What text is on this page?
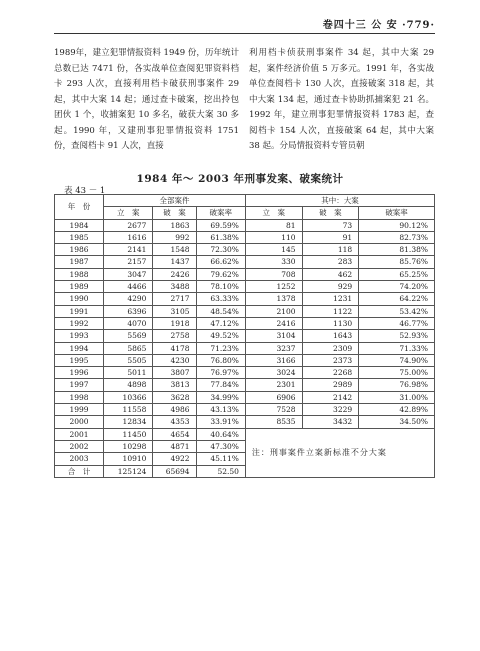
卷四十三 公 安 ·779·
1989年，建立犯罪情报资料 1949 份，历年统计总数已达 7471 份，各实战单位查阅犯罪资料档卡 293 人次，直接利用档卡破获刑事案件 29 起，其中大案 14 起；通过查卡破案，挖出拎包团伙 1 个，收捕案犯 10 多名，破获大案 30 多起。1990 年，又建刑事犯罪情报资料 1751 份，查阅档卡 91 人次，直接
利用档卡侦获刑事案件 34 起，其中大案 29 起，案件经济价值 5 万多元。1991 年，各实战单位查阅档卡 130 人次，直接破案 318 起，其中大案 134 起，通过查卡协助抓捕案犯 21 名。1992 年，建立刑事犯罪情报资料 1783 起，查阅档卡 154 人次，直接破案 64 起，其中大案 38 起。分局情报资料专管员朝
1984 年～ 2003 年刑事发案、破案统计
表 43 － 1
年　份	全部案件			其中：大案		
	立　案	破　案	破案率	立　案	破　案	破案率
1984	2677	1863	69.59%	81	73	90.12%
1985	1616	992	61.38%	110	91	82.73%
1986	2141	1548	72.30%	145	118	81.38%
1987	2157	1437	66.62%	330	283	85.76%
1988	3047	2426	79.62%	708	462	65.25%
1989	4466	3488	78.10%	1252	929	74.20%
1990	4290	2717	63.33%	1378	1231	64.22%
1991	6396	3105	48.54%	2100	1122	53.42%
1992	4070	1918	47.12%	2416	1130	46.77%
1993	5569	2758	49.52%	3104	1643	52.93%
1994	5865	4178	71.23%	3237	2309	71.33%
1995	5505	4230	76.80%	3166	2373	74.90%
1996	5011	3807	76.97%	3024	2268	75.00%
1997	4898	3813	77.84%	2301	2989	76.98%
1998	10366	3628	34.99%	6906	2142	31.00%
1999	11558	4986	43.13%	7528	3229	42.89%
2000	12834	4353	33.91%	8535	3432	34.50%
2001	11450	4654	40.64%	注：刑事案件立案新标准不分大案		
2002	10298	4871	47.30%			
2003	10910	4922	45.11%			
合　计	125124	65694	52.50			
